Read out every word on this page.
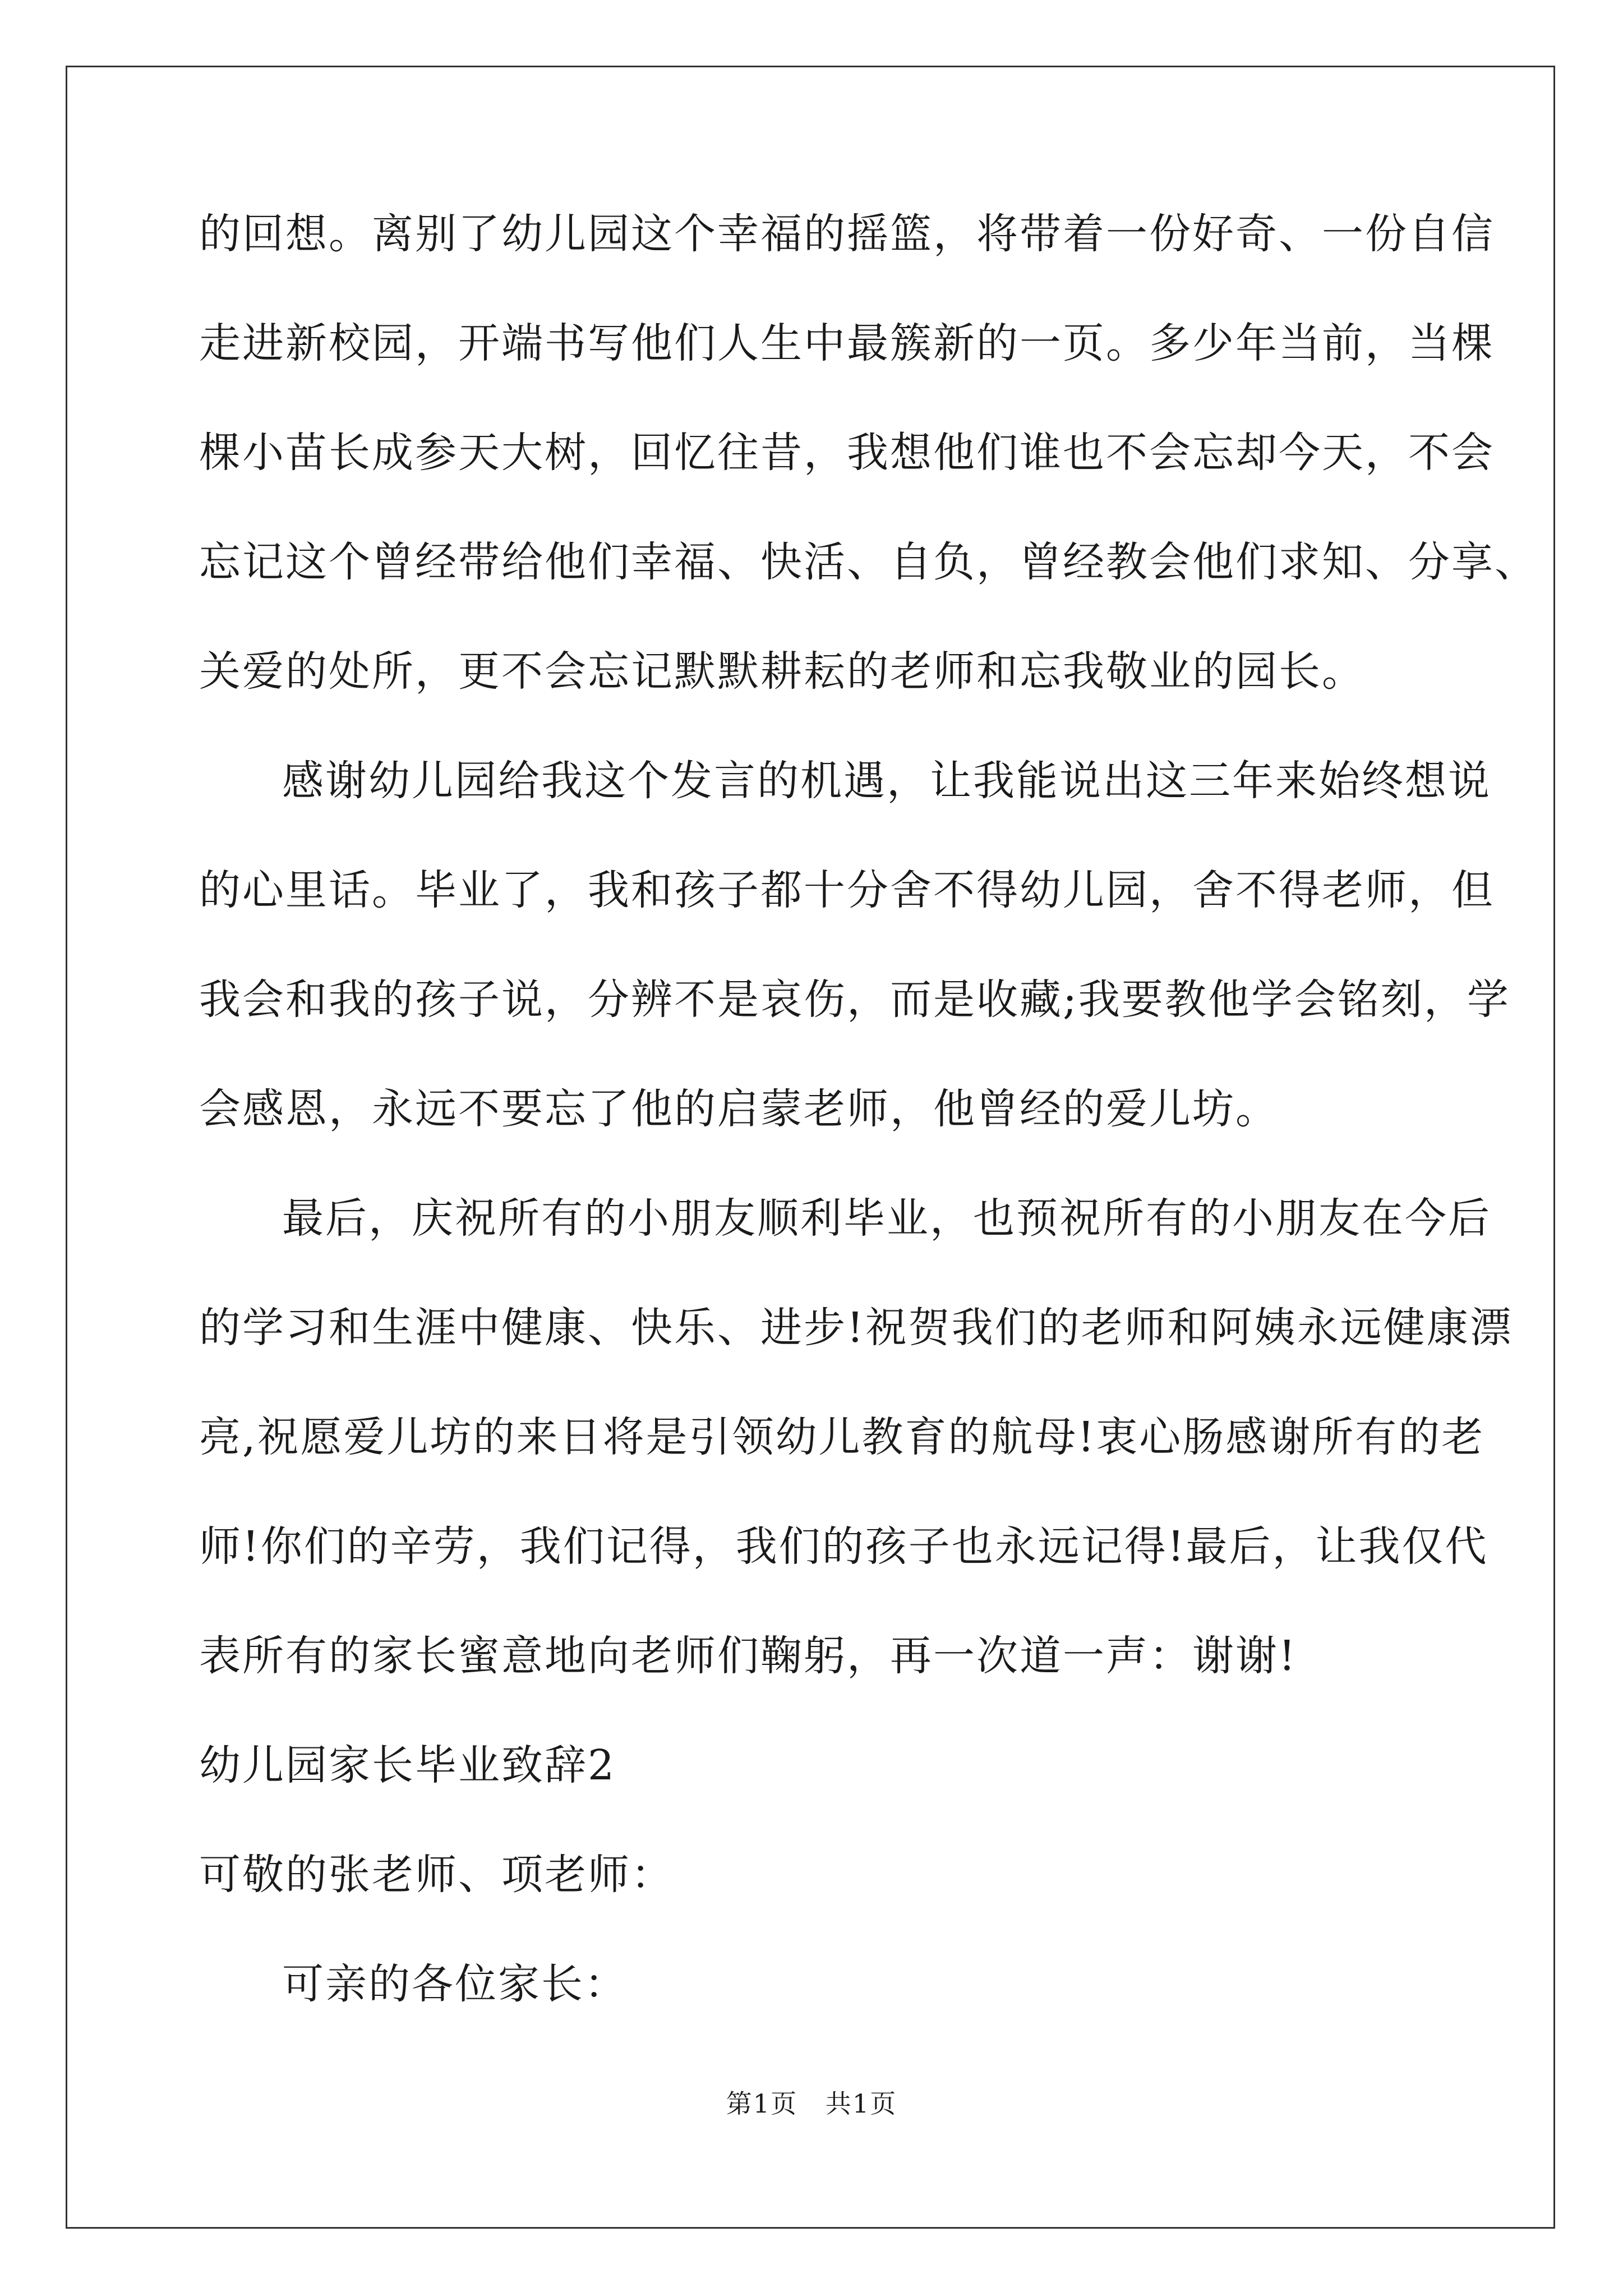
的回想。离别了幼儿园这个幸福的摇篮，将带着一份好奇、一份自信
走进新校园，开端书写他们人生中最簇新的一页。多少年当前，当棵
棵小苗长成参天大树，回忆往昔，我想他们谁也不会忘却今天，不会
忘记这个曾经带给他们幸福、快活、自负，曾经教会他们求知、分享、
关爱的处所，更不会忘记默默耕耘的老师和忘我敬业的园长。
感谢幼儿园给我这个发言的机遇，让我能说出这三年来始终想说
的心里话。毕业了，我和孩子都十分舍不得幼儿园，舍不得老师，但
我会和我的孩子说，分辨不是哀伤，而是收藏;我要教他学会铭刻，学
会感恩，永远不要忘了他的启蒙老师，他曾经的爱儿坊。
最后，庆祝所有的小朋友顺利毕业，也预祝所有的小朋友在今后
的学习和生涯中健康、快乐、进步!祝贺我们的老师和阿姨永远健康漂
亮,祝愿爱儿坊的来日将是引领幼儿教育的航母!衷心肠感谢所有的老
师!你们的辛劳，我们记得，我们的孩子也永远记得!最后，让我仅代
表所有的家长蜜意地向老师们鞠躬，再一次道一声：谢谢!
幼儿园家长毕业致辞2
可敬的张老师、项老师：
可亲的各位家长：
第1页   共1页
